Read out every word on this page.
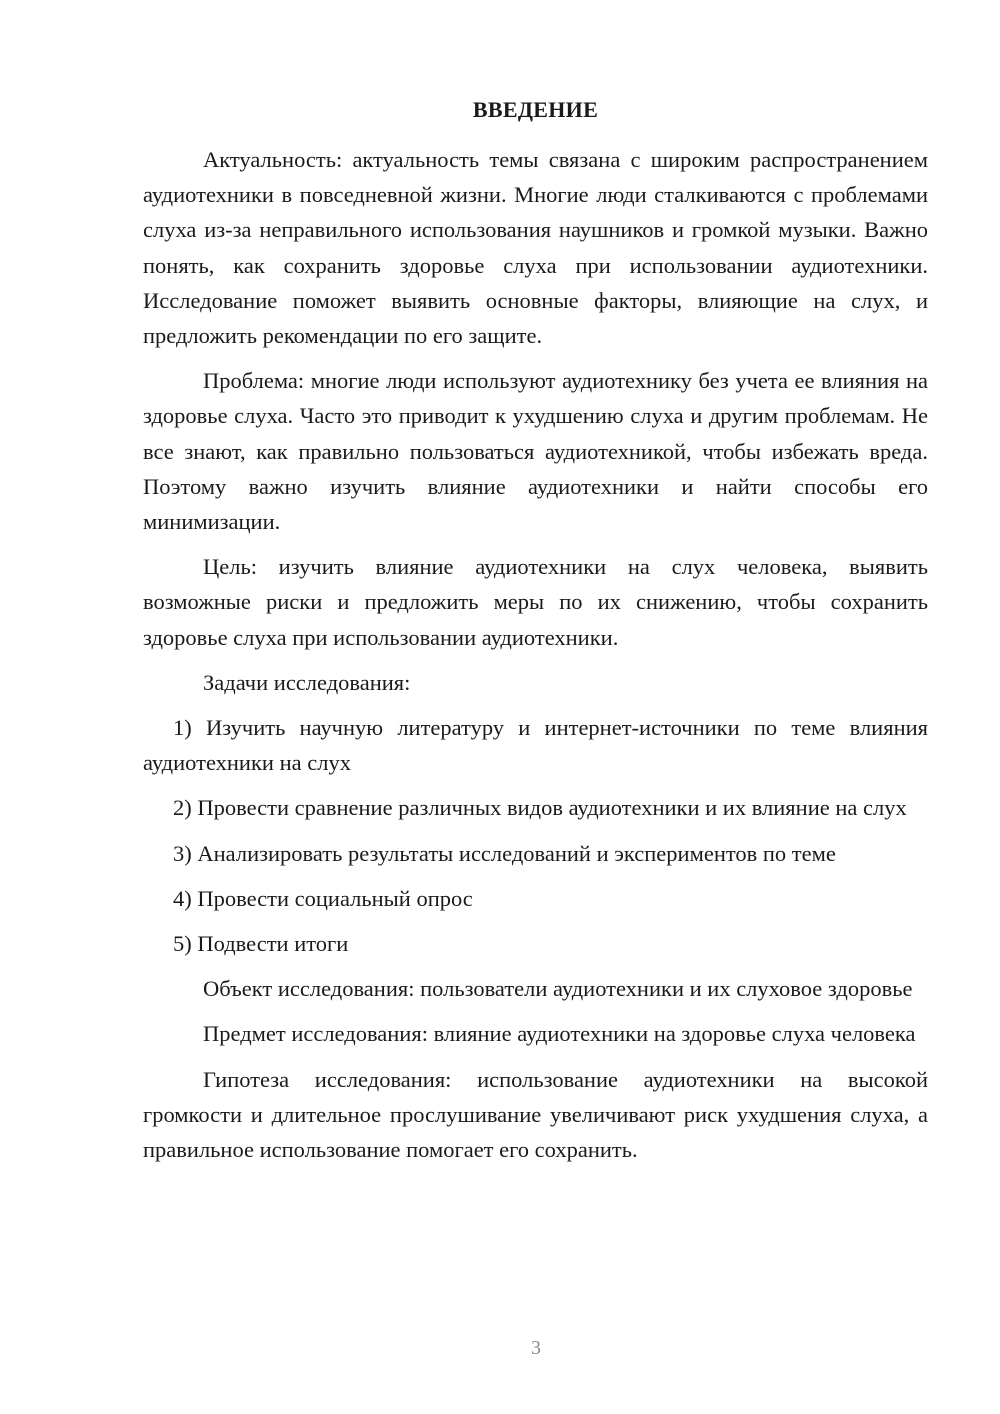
ВВЕДЕНИЕ

Актуальность: актуальность темы связана с широким распространением аудиотехники в повседневной жизни. Многие люди сталкиваются с проблемами слуха из-за неправильного использования наушников и громкой музыки. Важно понять, как сохранить здоровье слуха при использовании аудиотехники. Исследование поможет выявить основные факторы, влияющие на слух, и предложить рекомендации по его защите.

Проблема: многие люди используют аудиотехнику без учета ее влияния на здоровье слуха. Часто это приводит к ухудшению слуха и другим проблемам. Не все знают, как правильно пользоваться аудиотехникой, чтобы избежать вреда. Поэтому важно изучить влияние аудиотехники и найти способы его минимизации.

Цель: изучить влияние аудиотехники на слух человека, выявить возможные риски и предложить меры по их снижению, чтобы сохранить здоровье слуха при использовании аудиотехники.

Задачи исследования:

1) Изучить научную литературу и интернет-источники по теме влияния аудиотехники на слух

2) Провести сравнение различных видов аудиотехники и их влияние на слух

3) Анализировать результаты исследований и экспериментов по теме

4) Провести социальный опрос

5) Подвести итоги

Объект исследования: пользователи аудиотехники и их слуховое здоровье

Предмет исследования: влияние аудиотехники на здоровье слуха человека

Гипотеза исследования: использование аудиотехники на высокой громкости и длительное прослушивание увеличивают риск ухудшения слуха, а правильное использование помогает его сохранить.

3
